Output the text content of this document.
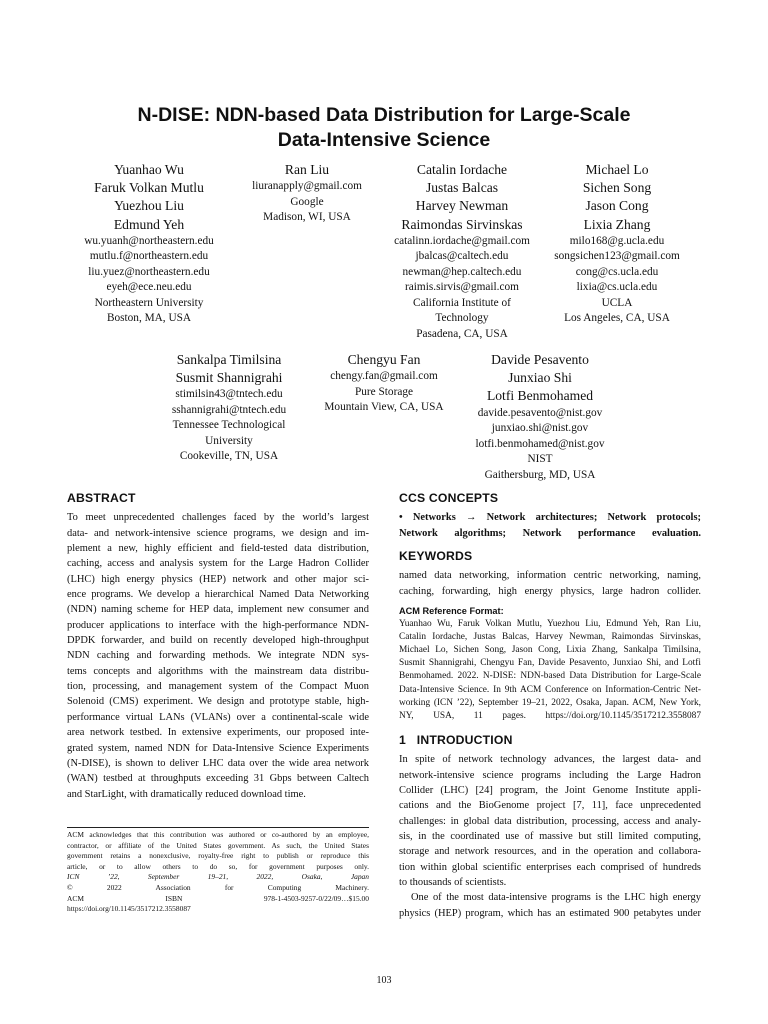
N-DISE: NDN-based Data Distribution for Large-Scale
Data-Intensive Science
Yuanhao Wu
Faruk Volkan Mutlu
Yuezhou Liu
Edmund Yeh
wu.yuanh@northeastern.edu
mutlu.f@northeastern.edu
liu.yuez@northeastern.edu
eyeh@ece.neu.edu
Northeastern University
Boston, MA, USA
Ran Liu
liuranapply@gmail.com
Google
Madison, WI, USA
Catalin Iordache
Justas Balcas
Harvey Newman
Raimondas Sirvinskas
catalinn.iordache@gmail.com
jbalcas@caltech.edu
newman@hep.caltech.edu
raimis.sirvis@gmail.com
California Institute of
Technology
Pasadena, CA, USA
Michael Lo
Sichen Song
Jason Cong
Lixia Zhang
milo168@g.ucla.edu
songsichen123@gmail.com
cong@cs.ucla.edu
lixia@cs.ucla.edu
UCLA
Los Angeles, CA, USA
Sankalpa Timilsina
Susmit Shannigrahi
stimilsin43@tntech.edu
sshannigrahi@tntech.edu
Tennessee Technological
University
Cookeville, TN, USA
Chengyu Fan
chengy.fan@gmail.com
Pure Storage
Mountain View, CA, USA
Davide Pesavento
Junxiao Shi
Lotfi Benmohamed
davide.pesavento@nist.gov
junxiao.shi@nist.gov
lotfi.benmohamed@nist.gov
NIST
Gaithersburg, MD, USA
ABSTRACT
To meet unprecedented challenges faced by the world’s largest
data- and network-intensive science programs, we design and im-
plement a new, highly efficient and field-tested data distribution,
caching, access and analysis system for the Large Hadron Collider
(LHC) high energy physics (HEP) network and other major sci-
ence programs. We develop a hierarchical Named Data Networking
(NDN) naming scheme for HEP data, implement new consumer and
producer applications to interface with the high-performance NDN-
DPDK forwarder, and build on recently developed high-throughput
NDN caching and forwarding methods. We integrate NDN sys-
tems concepts and algorithms with the mainstream data distribu-
tion, processing, and management system of the Compact Muon
Solenoid (CMS) experiment. We design and prototype stable, high-
performance virtual LANs (VLANs) over a continental-scale wide
area network testbed. In extensive experiments, our proposed inte-
grated system, named NDN for Data-Intensive Science Experiments
(N-DISE), is shown to deliver LHC data over the wide area network
(WAN) testbed at throughputs exceeding 31 Gbps between Caltech
and StarLight, with dramatically reduced download time.
ACM acknowledges that this contribution was authored or co-authored by an employee,
contractor, or affiliate of the United States government. As such, the United States
government retains a nonexclusive, royalty-free right to publish or reproduce this
article, or to allow others to do so, for government purposes only.
ICN ’22, September 19–21, 2022, Osaka, Japan
© 2022 Association for Computing Machinery.
ACM ISBN 978-1-4503-9257-0/22/09…$15.00
https://doi.org/10.1145/3517212.3558087
CCS CONCEPTS
• Networks → Network architectures; Network protocols;
Network algorithms; Network performance evaluation.
KEYWORDS
named data networking, information centric networking, naming,
caching, forwarding, high energy physics, large hadron collider.
ACM Reference Format:
Yuanhao Wu, Faruk Volkan Mutlu, Yuezhou Liu, Edmund Yeh, Ran Liu,
Catalin Iordache, Justas Balcas, Harvey Newman, Raimondas Sirvinskas,
Michael Lo, Sichen Song, Jason Cong, Lixia Zhang, Sankalpa Timilsina,
Susmit Shannigrahi, Chengyu Fan, Davide Pesavento, Junxiao Shi, and Lotfi
Benmohamed. 2022. N-DISE: NDN-based Data Distribution for Large-Scale
Data-Intensive Science. In 9th ACM Conference on Information-Centric Net-
working (ICN ’22), September 19–21, 2022, Osaka, Japan. ACM, New York,
NY, USA, 11 pages. https://doi.org/10.1145/3517212.3558087
1   INTRODUCTION
In spite of network technology advances, the largest data- and
network-intensive science programs including the Large Hadron
Collider (LHC) [24] program, the Joint Genome Institute appli-
cations and the BioGenome project [7, 11], face unprecedented
challenges: in global data distribution, processing, access and analy-
sis, in the coordinated use of massive but still limited computing,
storage and network resources, and in the operation and collabora-
tion within global scientific enterprises each comprised of hundreds
to thousands of scientists.
One of the most data-intensive programs is the LHC high energy
physics (HEP) program, which has an estimated 900 petabytes under
103
